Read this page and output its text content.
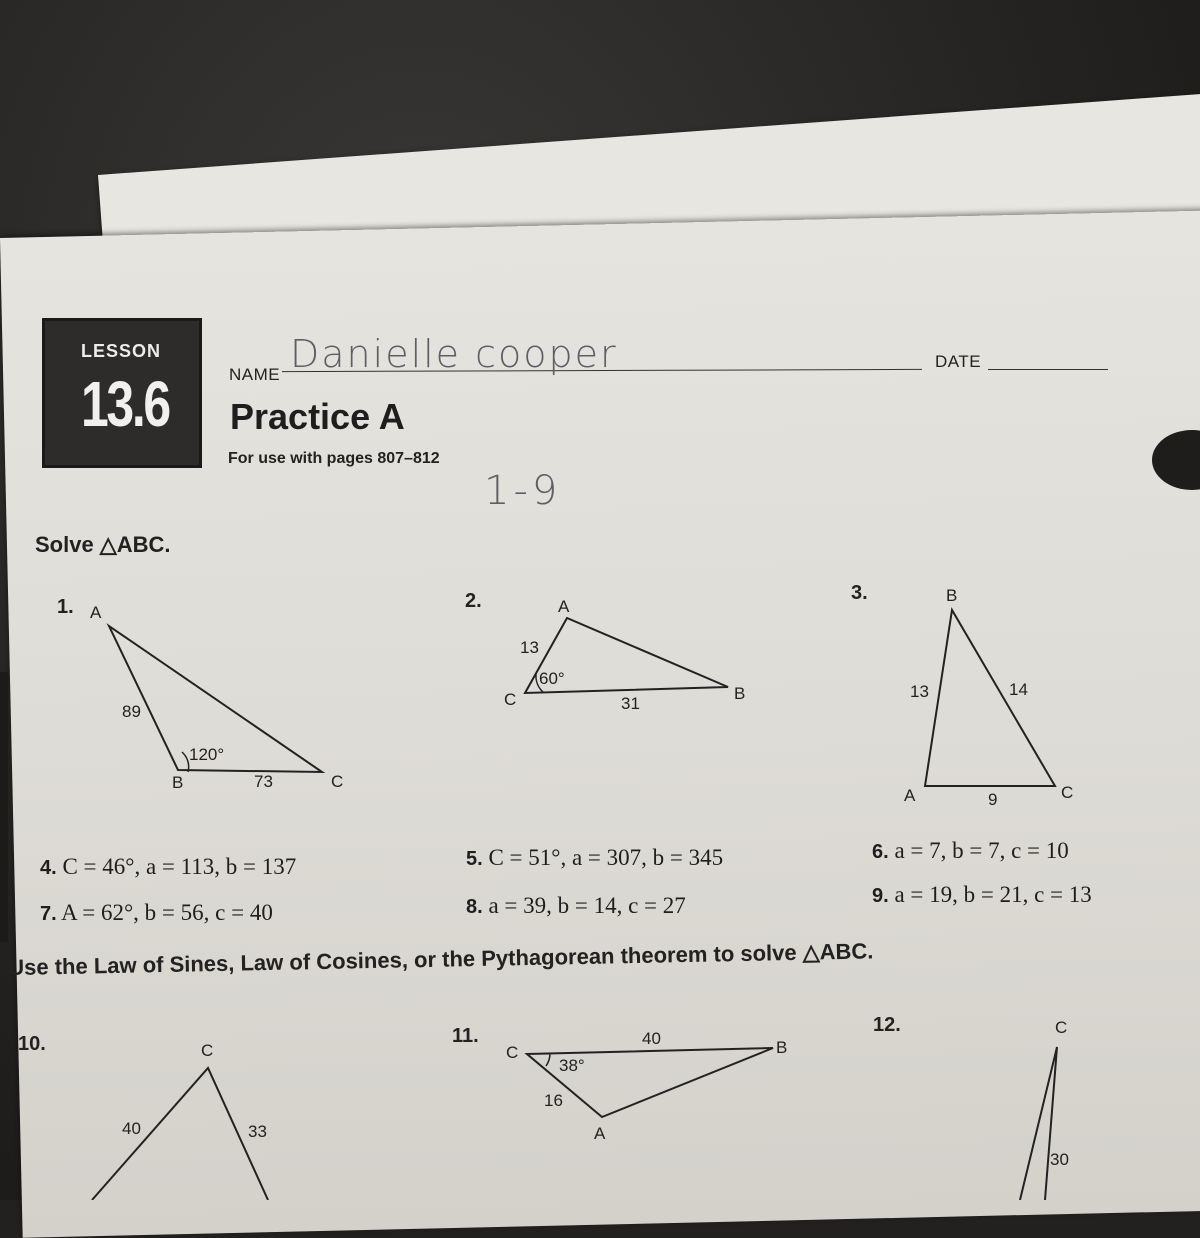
LESSON
13.6	NAME Danielle cooper	DATE
Practice A
For use with pages 807–812
1-9
Solve △ABC.
1. A
B	C
89
73
120°
2.	A
C	B
13
31
60°
3.	B
A	C
13	14
9
4. C = 46°, a = 113, b = 137	5. C = 51°, a = 307, b = 345	6. a = 7, b = 7, c = 10
7. A = 62°, b = 56, c = 40	8. a = 39, b = 14, c = 27	9. a = 19, b = 21, c = 13
Use the Law of Sines, Law of Cosines, or the Pythagorean theorem to solve △ABC.
10.	C
40	33
11.
C	B
A
40
16
38°
12.	C
30
